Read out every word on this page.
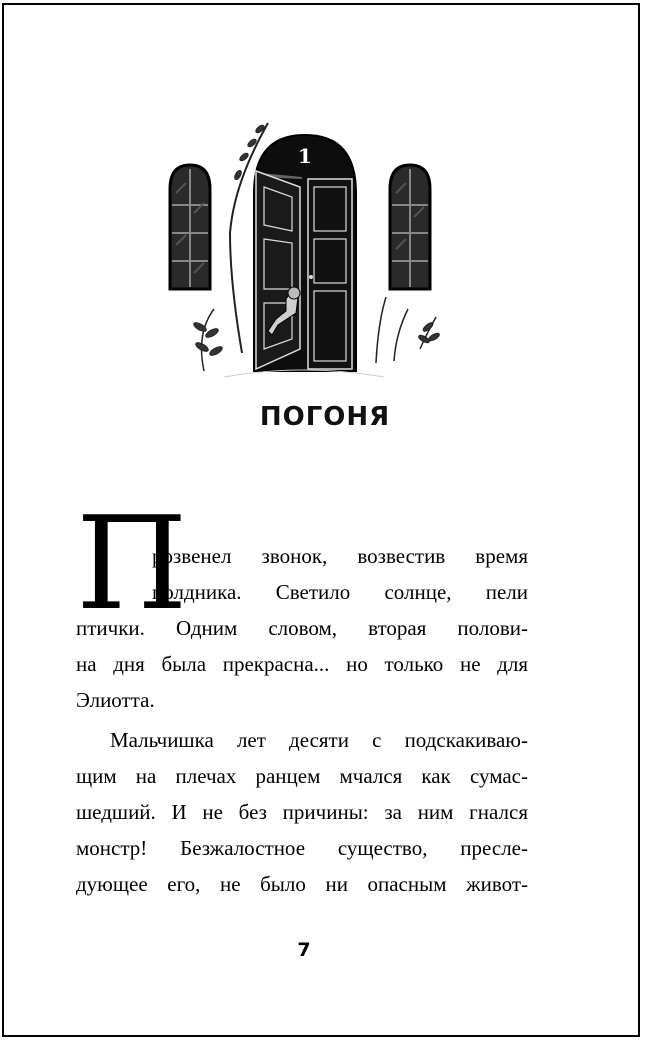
1
ПОГОНЯ
П
розвенел звонок, возвестив время
полдника. Светило солнце, пели
птички. Одним словом, вторая полови-
на дня была прекрасна... но только не для
Элиотта.
Мальчишка лет десяти с подскакиваю-
щим на плечах ранцем мчался как сумас-
шедший. И не без причины: за ним гнался
монстр! Безжалостное существо, пресле-
дующее его, не было ни опасным живот-
7
